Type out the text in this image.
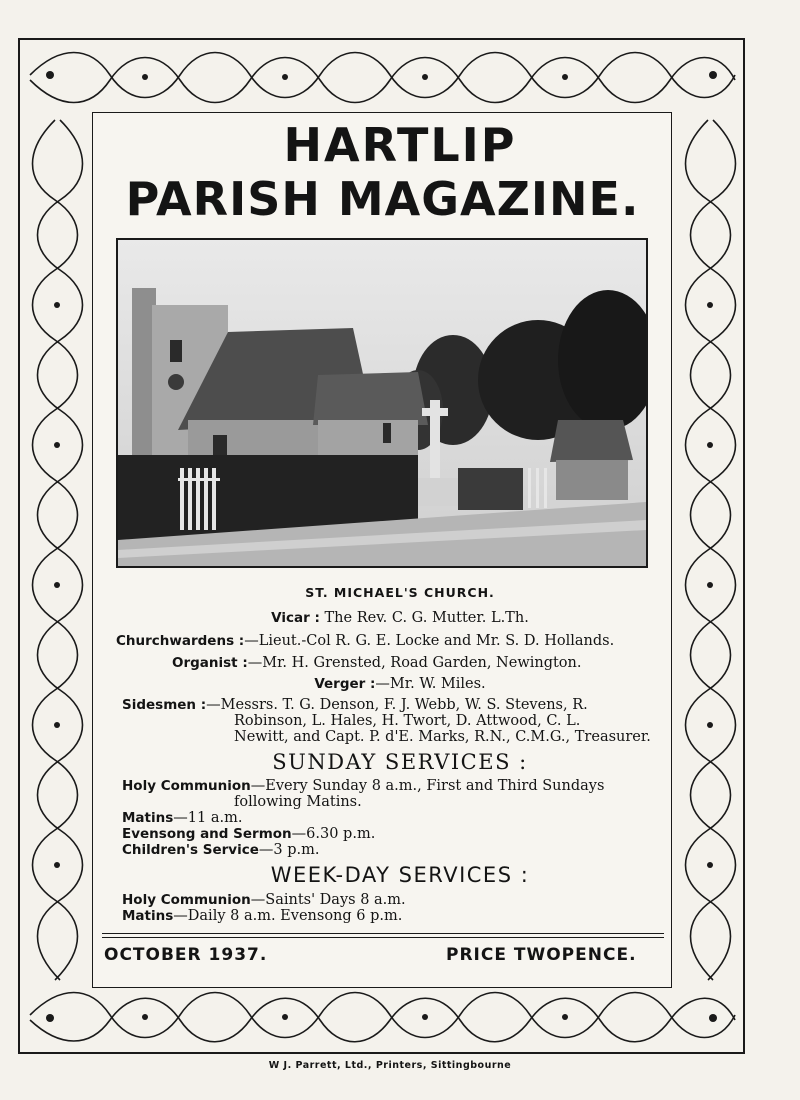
HARTLIP
PARISH MAGAZINE.
ST. MICHAEL'S CHURCH.
Vicar : The Rev. C. G. Mutter. L.Th.
Churchwardens :—Lieut.-Col R. G. E. Locke and Mr. S. D. Hollands.
Organist :—Mr. H. Grensted, Road Garden, Newington.
Verger :—Mr. W. Miles.
Sidesmen :—Messrs. T. G. Denson, F. J. Webb, W. S. Stevens, R.
Robinson, L. Hales, H. Twort, D. Attwood, C. L.
Newitt, and Capt. P. d'E. Marks, R.N., C.M.G., Treasurer.
SUNDAY SERVICES :
Holy Communion—Every Sunday 8 a.m., First and Third Sundays
following Matins.
Matins—11 a.m.
Evensong and Sermon—6.30 p.m.
Children's Service—3 p.m.
WEEK-DAY SERVICES :
Holy Communion—Saints' Days 8 a.m.
Matins—Daily 8 a.m. Evensong 6 p.m.
OCTOBER 1937.	PRICE TWOPENCE.
W J. Parrett, Ltd., Printers, Sittingbourne
